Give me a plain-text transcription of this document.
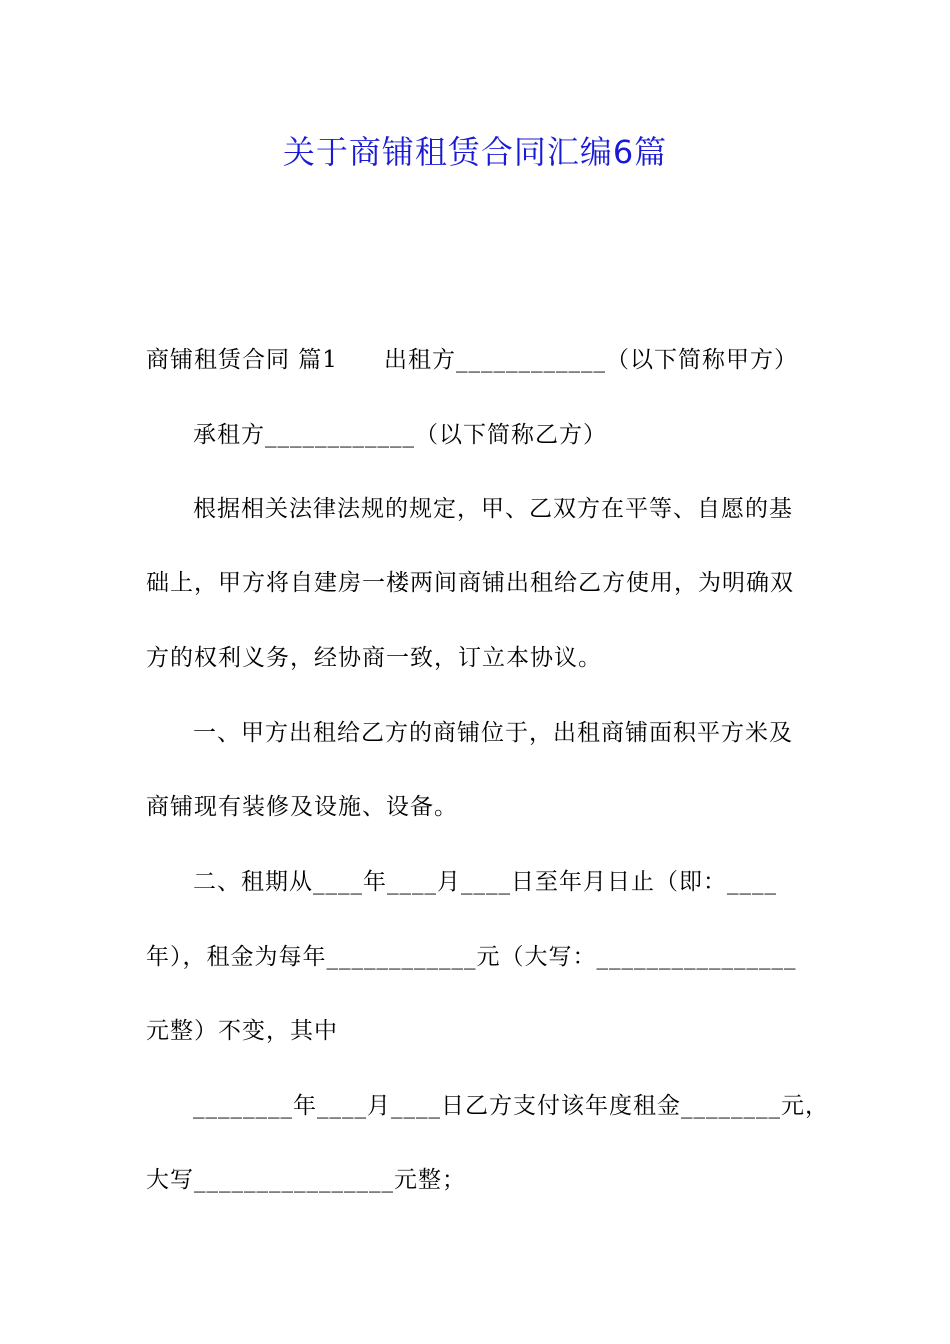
关于商铺租赁合同汇编6篇
商铺租赁合同 篇1 出租方____________（以下简称甲方）
承租方____________（以下简称乙方）
根据相关法律法规的规定，甲、乙双方在平等、自愿的基
础上，甲方将自建房一楼两间商铺出租给乙方使用，为明确双
方的权利义务，经协商一致，订立本协议。
一、甲方出租给乙方的商铺位于，出租商铺面积平方米及
商铺现有装修及设施、设备。
二、租期从____年____月____日至年月日止（即：____
年），租金为每年____________元（大写：________________
元整）不变，其中
________年____月____日乙方支付该年度租金________元，
大写________________元整；
